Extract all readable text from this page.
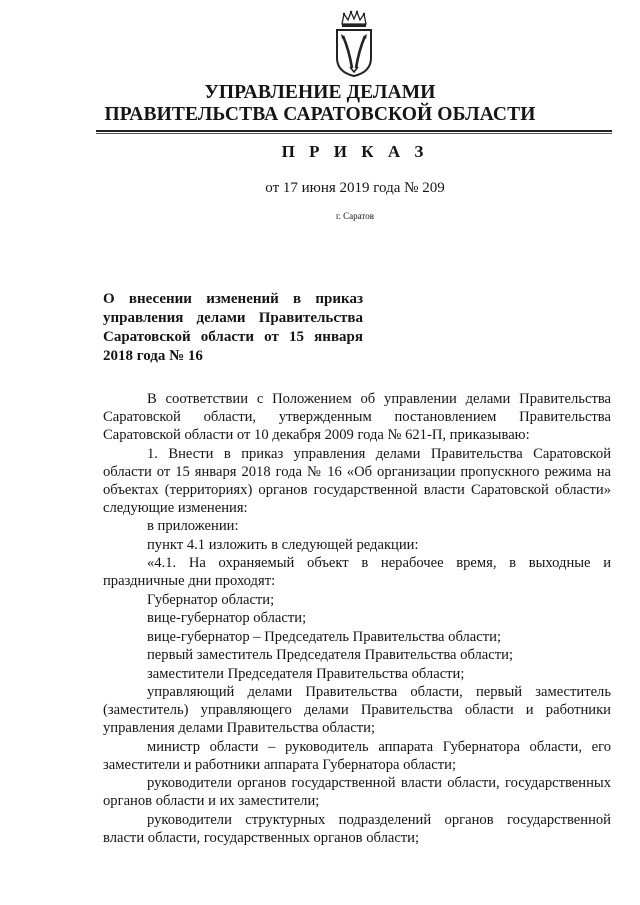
УПРАВЛЕНИЕ ДЕЛАМИ
ПРАВИТЕЛЬСТВА САРАТОВСКОЙ ОБЛАСТИ
П Р И К А З
от 17 июня 2019 года № 209
г. Саратов
О внесении изменений в приказ управления делами Правительства Саратовской области от 15 января 2018 года № 16

В соответствии с Положением об управлении делами Правительства Саратовской области, утвержденным постановлением Правительства Саратовской области от 10 декабря 2009 года № 621-П, приказываю:

1. Внести в приказ управления делами Правительства Саратовской области от 15 января 2018 года № 16 «Об организации пропускного режима на объектах (территориях) органов государственной власти Саратовской области» следующие изменения:

в приложении:

пункт 4.1 изложить в следующей редакции:

«4.1. На охраняемый объект в нерабочее время, в выходные и праздничные дни проходят:

Губернатор области;

вице-губернатор области;

вице-губернатор – Председатель Правительства области;

первый заместитель Председателя Правительства области;

заместители Председателя Правительства области;

управляющий делами Правительства области, первый заместитель (заместитель) управляющего делами Правительства области и работники управления делами Правительства области;

министр области – руководитель аппарата Губернатора области, его заместители и работники аппарата Губернатора области;

руководители органов государственной власти области, государственных органов области и их заместители;

руководители структурных подразделений органов государственной власти области, государственных органов области;
